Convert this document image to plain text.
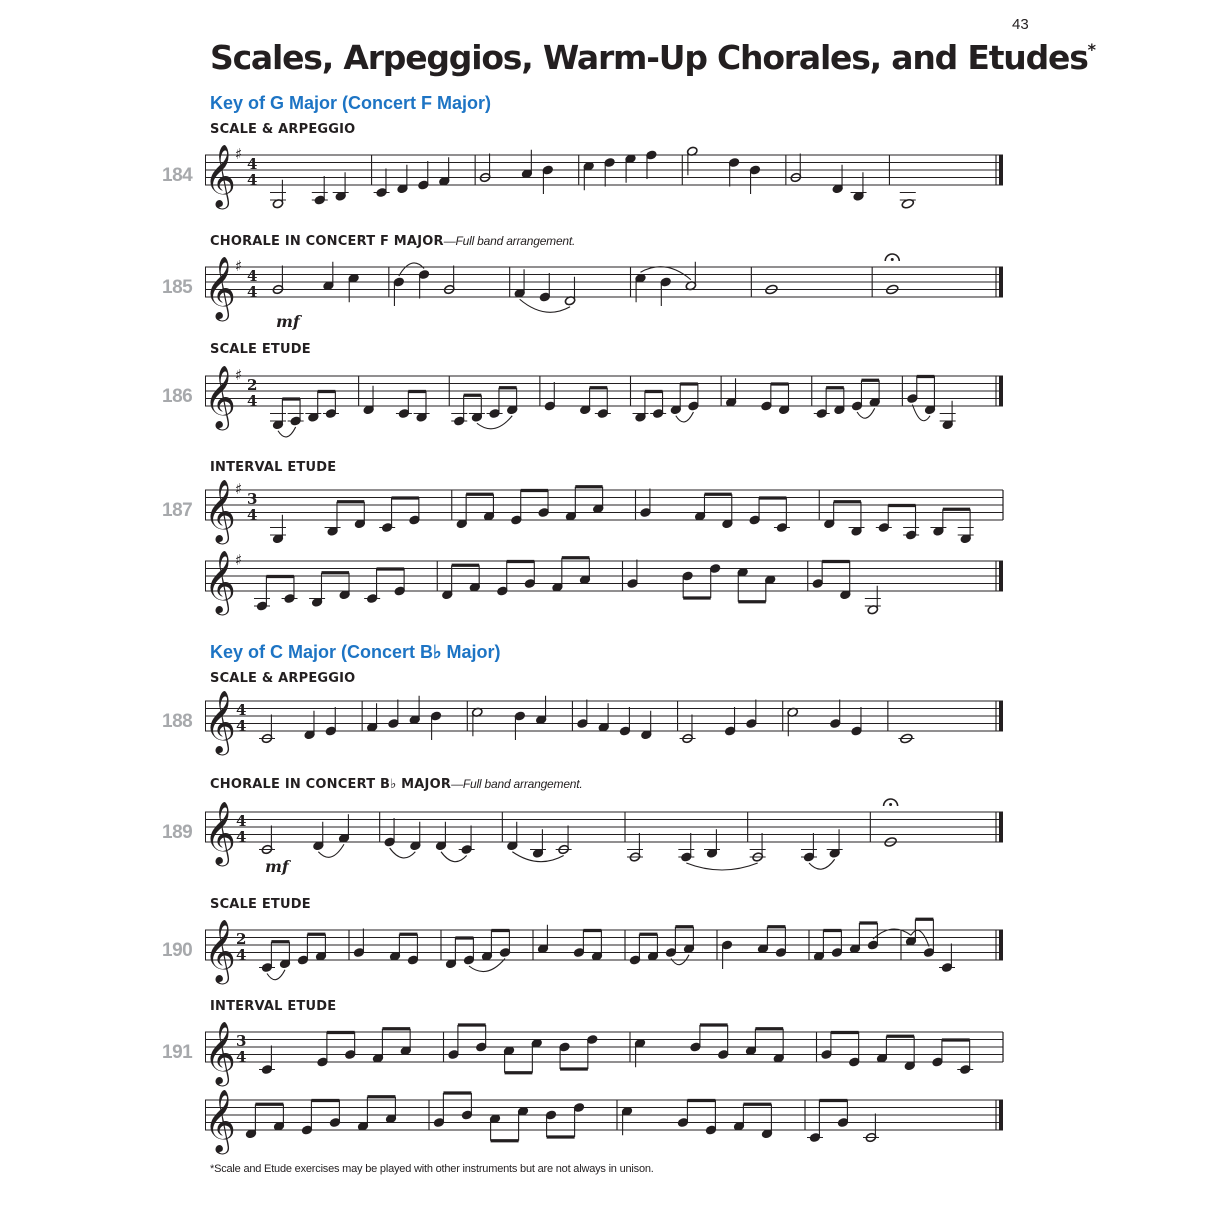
43
Scales, Arpeggios, Warm-Up Chorales, and Etudes*
Key of G Major (Concert F Major)
SCALE & ARPEGGIO
184 𝄞 ♯
4
4
CHORALE IN CONCERT F MAJOR—Full band arrangement.
185 𝄞 ♯
4
4
mf
SCALE ETUDE
186 𝄞 ♯
2
4
INTERVAL ETUDE
187 𝄞 ♯
3
4
𝄞 ♯
Key of C Major (Concert B♭ Major)
SCALE & ARPEGGIO
188 𝄞 4
4
CHORALE IN CONCERT B♭ MAJOR—Full band arrangement.
189 𝄞 4
4
mf
SCALE ETUDE
190 𝄞 2
4
INTERVAL ETUDE
191 𝄞 3
4
𝄞
*Scale and Etude exercises may be played with other instruments but are not always in unison.
